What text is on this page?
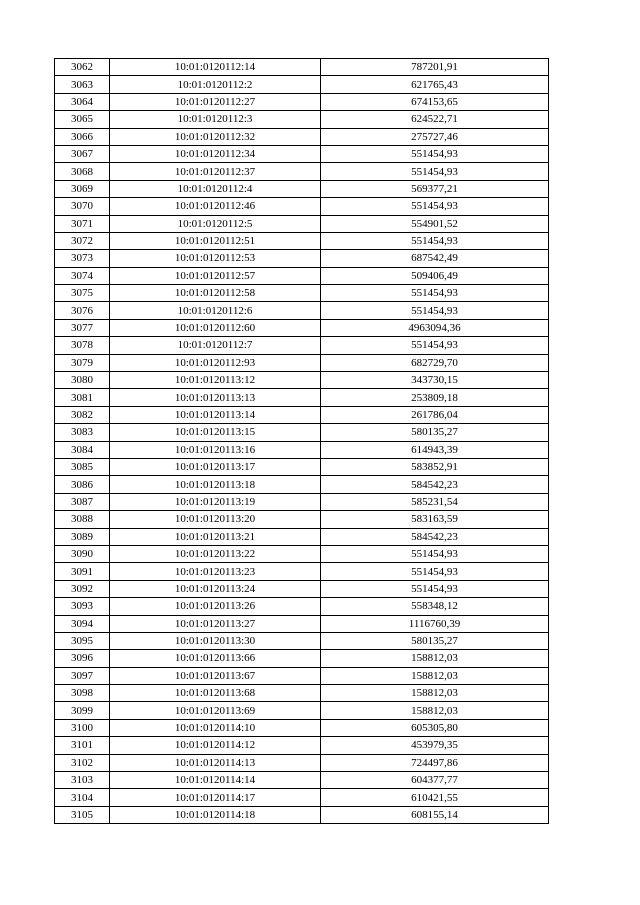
3062	10:01:0120112:14	787201,91
3063	10:01:0120112:2	621765,43
3064	10:01:0120112:27	674153,65
3065	10:01:0120112:3	624522,71
3066	10:01:0120112:32	275727,46
3067	10:01:0120112:34	551454,93
3068	10:01:0120112:37	551454,93
3069	10:01:0120112:4	569377,21
3070	10:01:0120112:46	551454,93
3071	10:01:0120112:5	554901,52
3072	10:01:0120112:51	551454,93
3073	10:01:0120112:53	687542,49
3074	10:01:0120112:57	509406,49
3075	10:01:0120112:58	551454,93
3076	10:01:0120112:6	551454,93
3077	10:01:0120112:60	4963094,36
3078	10:01:0120112:7	551454,93
3079	10:01:0120112:93	682729,70
3080	10:01:0120113:12	343730,15
3081	10:01:0120113:13	253809,18
3082	10:01:0120113:14	261786,04
3083	10:01:0120113:15	580135,27
3084	10:01:0120113:16	614943,39
3085	10:01:0120113:17	583852,91
3086	10:01:0120113:18	584542,23
3087	10:01:0120113:19	585231,54
3088	10:01:0120113:20	583163,59
3089	10:01:0120113:21	584542,23
3090	10:01:0120113:22	551454,93
3091	10:01:0120113:23	551454,93
3092	10:01:0120113:24	551454,93
3093	10:01:0120113:26	558348,12
3094	10:01:0120113:27	1116760,39
3095	10:01:0120113:30	580135,27
3096	10:01:0120113:66	158812,03
3097	10:01:0120113:67	158812,03
3098	10:01:0120113:68	158812,03
3099	10:01:0120113:69	158812,03
3100	10:01:0120114:10	605305,80
3101	10:01:0120114:12	453979,35
3102	10:01:0120114:13	724497,86
3103	10:01:0120114:14	604377,77
3104	10:01:0120114:17	610421,55
3105	10:01:0120114:18	608155,14
